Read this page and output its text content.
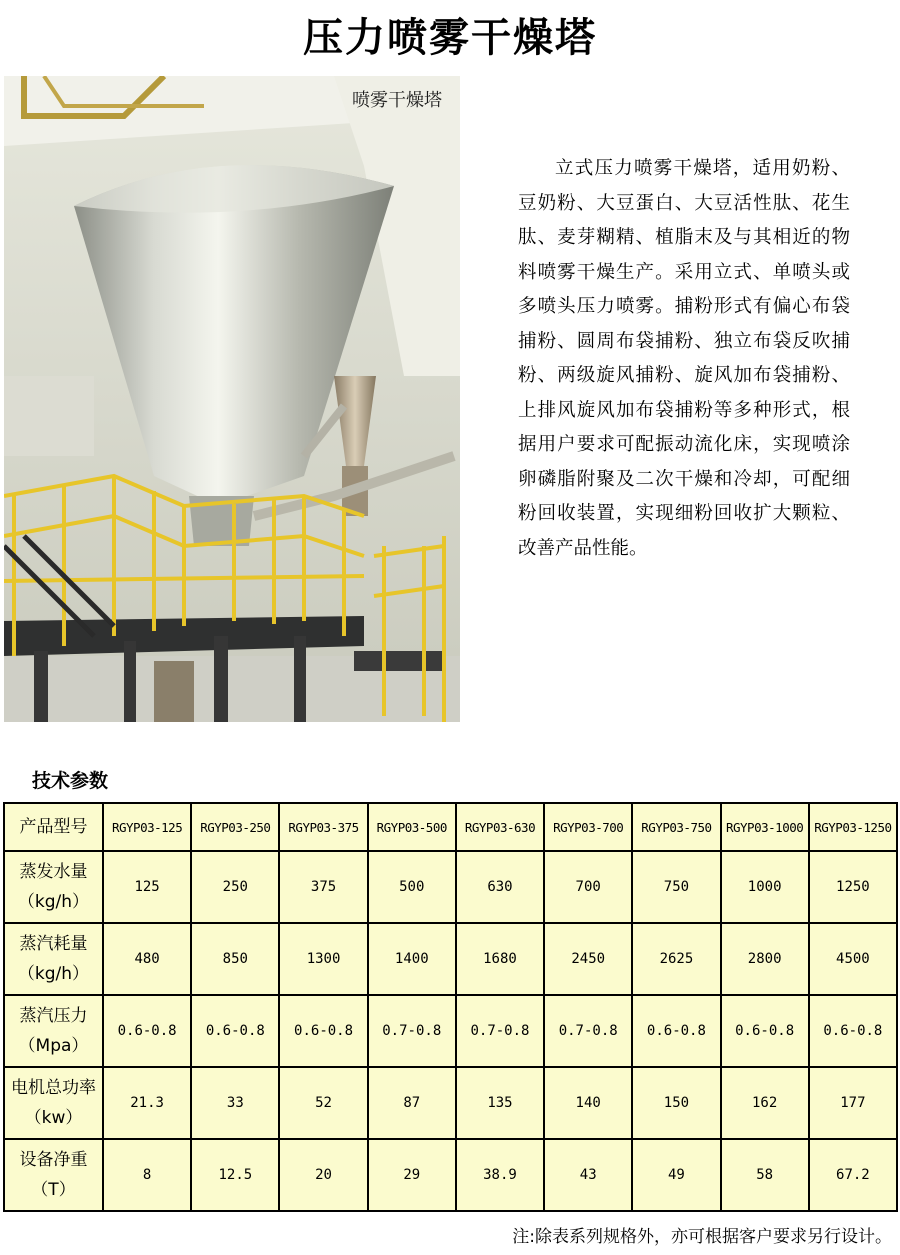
压力喷雾干燥塔
喷雾干燥塔
立式压力喷雾干燥塔，适用奶粉、豆奶粉、大豆蛋白、大豆活性肽、花生肽、麦芽糊精、植脂末及与其相近的物料喷雾干燥生产。采用立式、单喷头或多喷头压力喷雾。捕粉形式有偏心布袋捕粉、圆周布袋捕粉、独立布袋反吹捕粉、两级旋风捕粉、旋风加布袋捕粉、上排风旋风加布袋捕粉等多种形式，根据用户要求可配振动流化床，实现喷涂卵磷脂附聚及二次干燥和冷却，可配细粉回收装置，实现细粉回收扩大颗粒、改善产品性能。
技术参数
产品型号	RGYP03-125	RGYP03-250	RGYP03-375	RGYP03-500	RGYP03-630	RGYP03-700	RGYP03-750	RGYP03-1000	RGYP03-1250
蒸发水量
（kg/h）	125	250	375	500	630	700	750	1000	1250
蒸汽耗量
（kg/h）	480	850	1300	1400	1680	2450	2625	2800	4500
蒸汽压力
（Mpa）	0.6-0.8	0.6-0.8	0.6-0.8	0.7-0.8	0.7-0.8	0.7-0.8	0.6-0.8	0.6-0.8	0.6-0.8
电机总功率
（kw）	21.3	33	52	87	135	140	150	162	177
设备净重
（T）	8	12.5	20	29	38.9	43	49	58	67.2
注:除表系列规格外，亦可根据客户要求另行设计。
